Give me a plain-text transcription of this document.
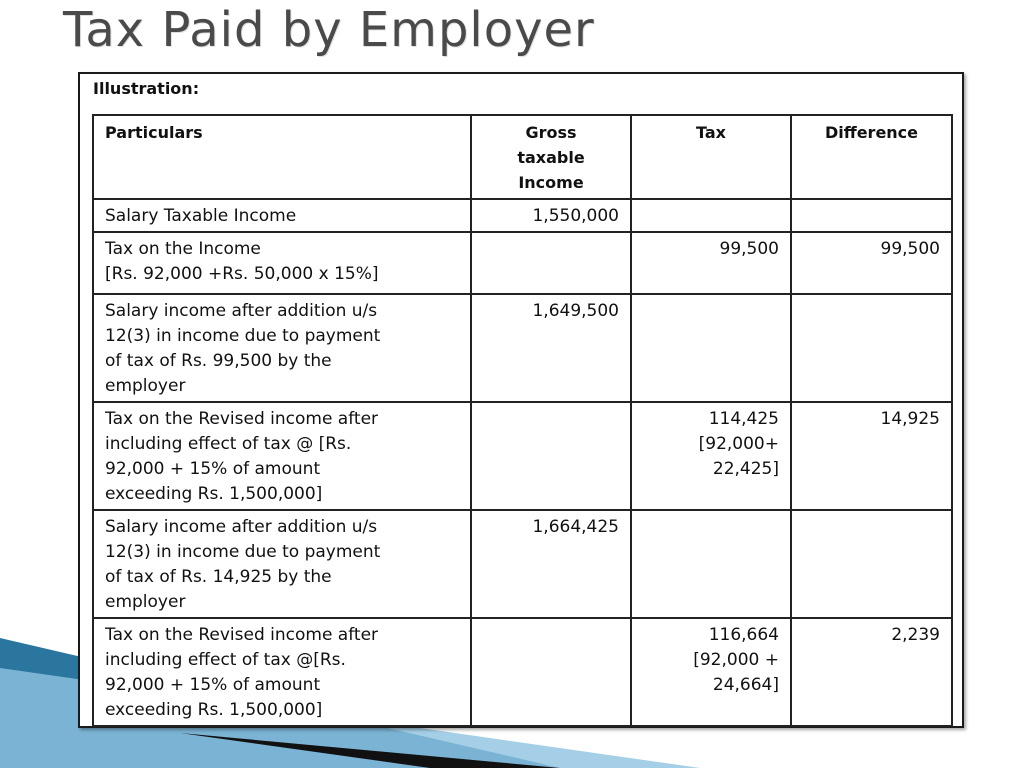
Tax Paid by Employer
Illustration:
Particulars	Gross
taxable
Income	Tax	Difference

Salary Taxable Income	1,550,000		

Tax on the Income
[Rs. 92,000 +Rs. 50,000 x 15%]		99,500	99,500

Salary income after addition u/s
12(3) in income due to payment
of tax of Rs. 99,500 by the
employer	1,649,500		

Tax on the Revised income after
including effect of tax @ [Rs.
92,000 + 15% of amount
exceeding Rs. 1,500,000]		114,425
[92,000+
22,425]	14,925

Salary income after addition u/s
12(3) in income due to payment
of tax of Rs. 14,925 by the
employer	1,664,425		

Tax on the Revised income after
including effect of tax @[Rs.
92,000 + 15% of amount
exceeding Rs. 1,500,000]		116,664
[92,000 +
24,664]	2,239
